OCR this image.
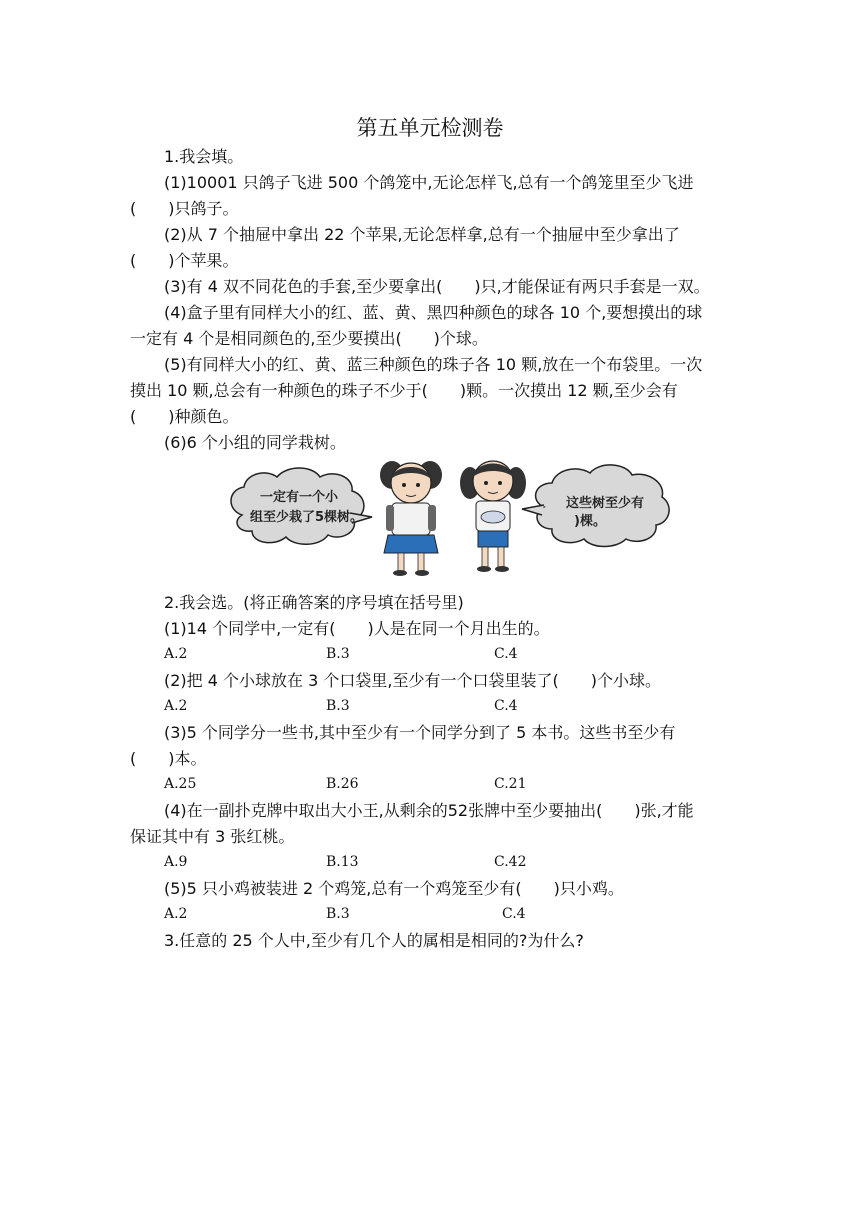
第五单元检测卷
1.我会填。
(1)10001 只鸽子飞进 500 个鸽笼中,无论怎样飞,总有一个鸽笼里至少飞进
(　　)只鸽子。
(2)从 7 个抽屉中拿出 22 个苹果,无论怎样拿,总有一个抽屉中至少拿出了
(　　)个苹果。
(3)有 4 双不同花色的手套,至少要拿出(　　)只,才能保证有两只手套是一双。
(4)盒子里有同样大小的红、蓝、黄、黑四种颜色的球各 10 个,要想摸出的球
一定有 4 个是相同颜色的,至少要摸出(　　)个球。
(5)有同样大小的红、黄、蓝三种颜色的珠子各 10 颗,放在一个布袋里。一次
摸出 10 颗,总会有一种颜色的珠子不少于(　　)颗。一次摸出 12 颗,至少会有
(　　)种颜色。
(6)6 个小组的同学栽树。
一定有一个小
组至少栽了5棵树。
这些树至少有
)棵。
2.我会选。(将正确答案的序号填在括号里)
(1)14 个同学中,一定有(　　)人是在同一个月出生的。
A.2	B.3	C.4
(2)把 4 个小球放在 3 个口袋里,至少有一个口袋里装了(　　)个小球。
A.2	B.3	C.4
(3)5 个同学分一些书,其中至少有一个同学分到了 5 本书。这些书至少有
(　　)本。
A.25	B.26	C.21
(4)在一副扑克牌中取出大小王,从剩余的52张牌中至少要抽出(　　)张,才能
保证其中有 3 张红桃。
A.9	B.13	C.42
(5)5 只小鸡被装进 2 个鸡笼,总有一个鸡笼至少有(　　)只小鸡。
A.2	B.3	C.4
3.任意的 25 个人中,至少有几个人的属相是相同的?为什么?
